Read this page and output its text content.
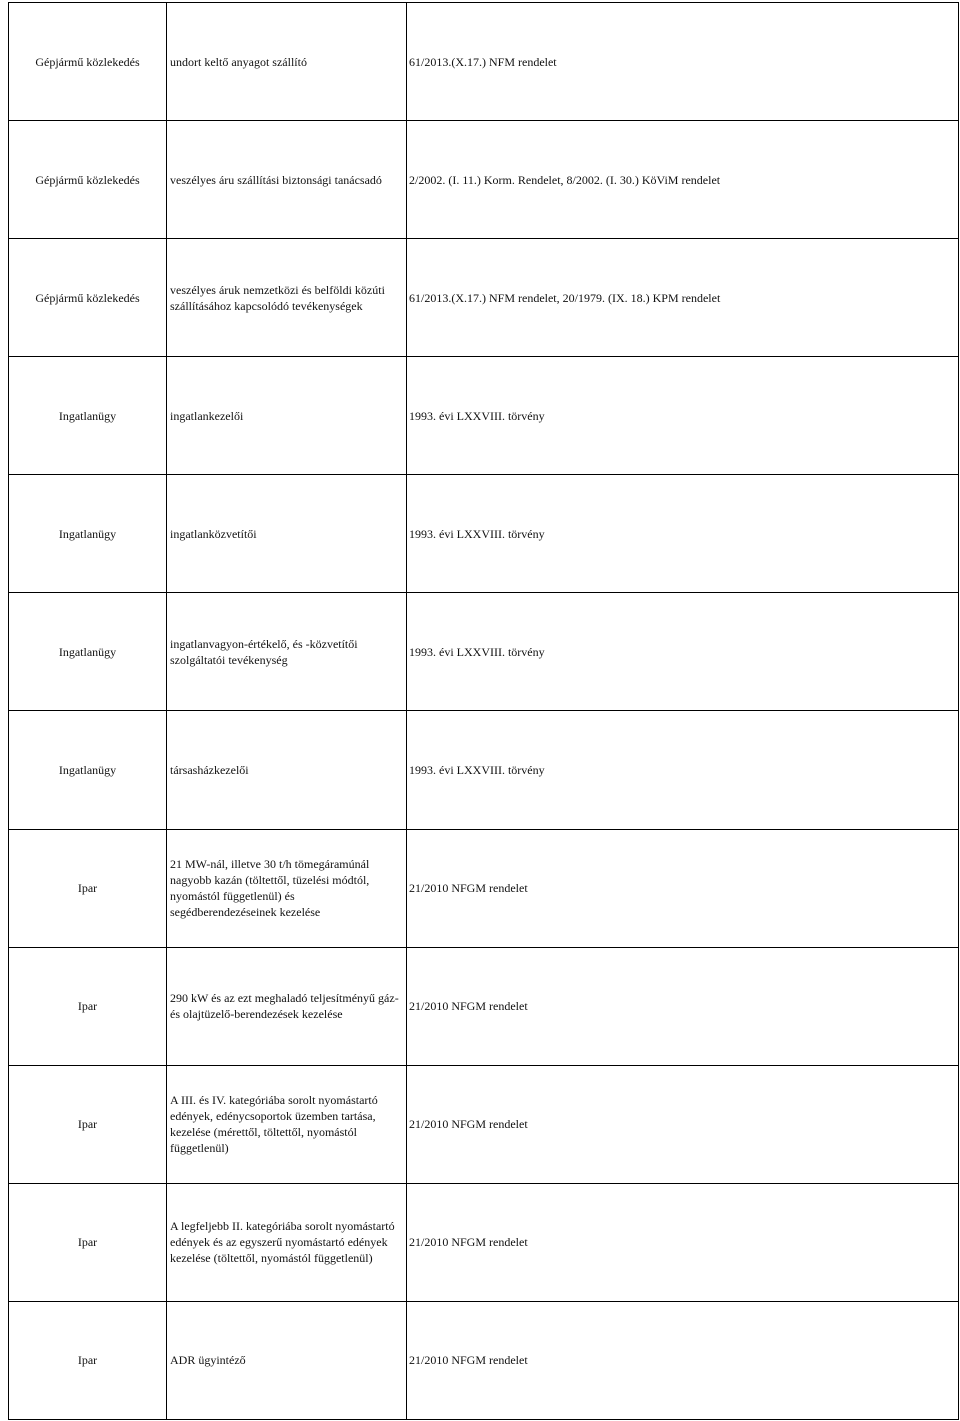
Gépjármű közlekedés	undort keltő anyagot szállító	61/2013.(X.17.) NFM rendelet
Gépjármű közlekedés	veszélyes áru szállítási biztonsági tanácsadó	2/2002. (I. 11.) Korm. Rendelet, 8/2002. (I. 30.) KöViM rendelet
Gépjármű közlekedés	veszélyes áruk nemzetközi és belföldi közúti szállításához kapcsolódó tevékenységek	61/2013.(X.17.) NFM rendelet, 20/1979. (IX. 18.) KPM rendelet
Ingatlanügy	ingatlankezelői	1993. évi LXXVIII. törvény
Ingatlanügy	ingatlanközvetítői	1993. évi LXXVIII. törvény
Ingatlanügy	ingatlanvagyon-értékelő, és -közvetítői szolgáltatói tevékenység	1993. évi LXXVIII. törvény
Ingatlanügy	társasházkezelői	1993. évi LXXVIII. törvény
Ipar	21 MW-nál, illetve 30 t/h tömegáramúnál nagyobb kazán (töltettől, tüzelési módtól, nyomástól függetlenül) és segédberendezéseinek kezelése	21/2010 NFGM rendelet
Ipar	290 kW és az ezt meghaladó teljesítményű gáz- és olajtüzelő-berendezések kezelése	21/2010 NFGM rendelet
Ipar	A III. és IV. kategóriába sorolt nyomástartó edények, edénycsoportok üzemben tartása, kezelése (mérettől, töltettől, nyomástól függetlenül)	21/2010 NFGM rendelet
Ipar	A legfeljebb II. kategóriába sorolt nyomástartó edények és az egyszerű nyomástartó edények kezelése (töltettől, nyomástól függetlenül)	21/2010 NFGM rendelet
Ipar	ADR ügyintéző	21/2010 NFGM rendelet
